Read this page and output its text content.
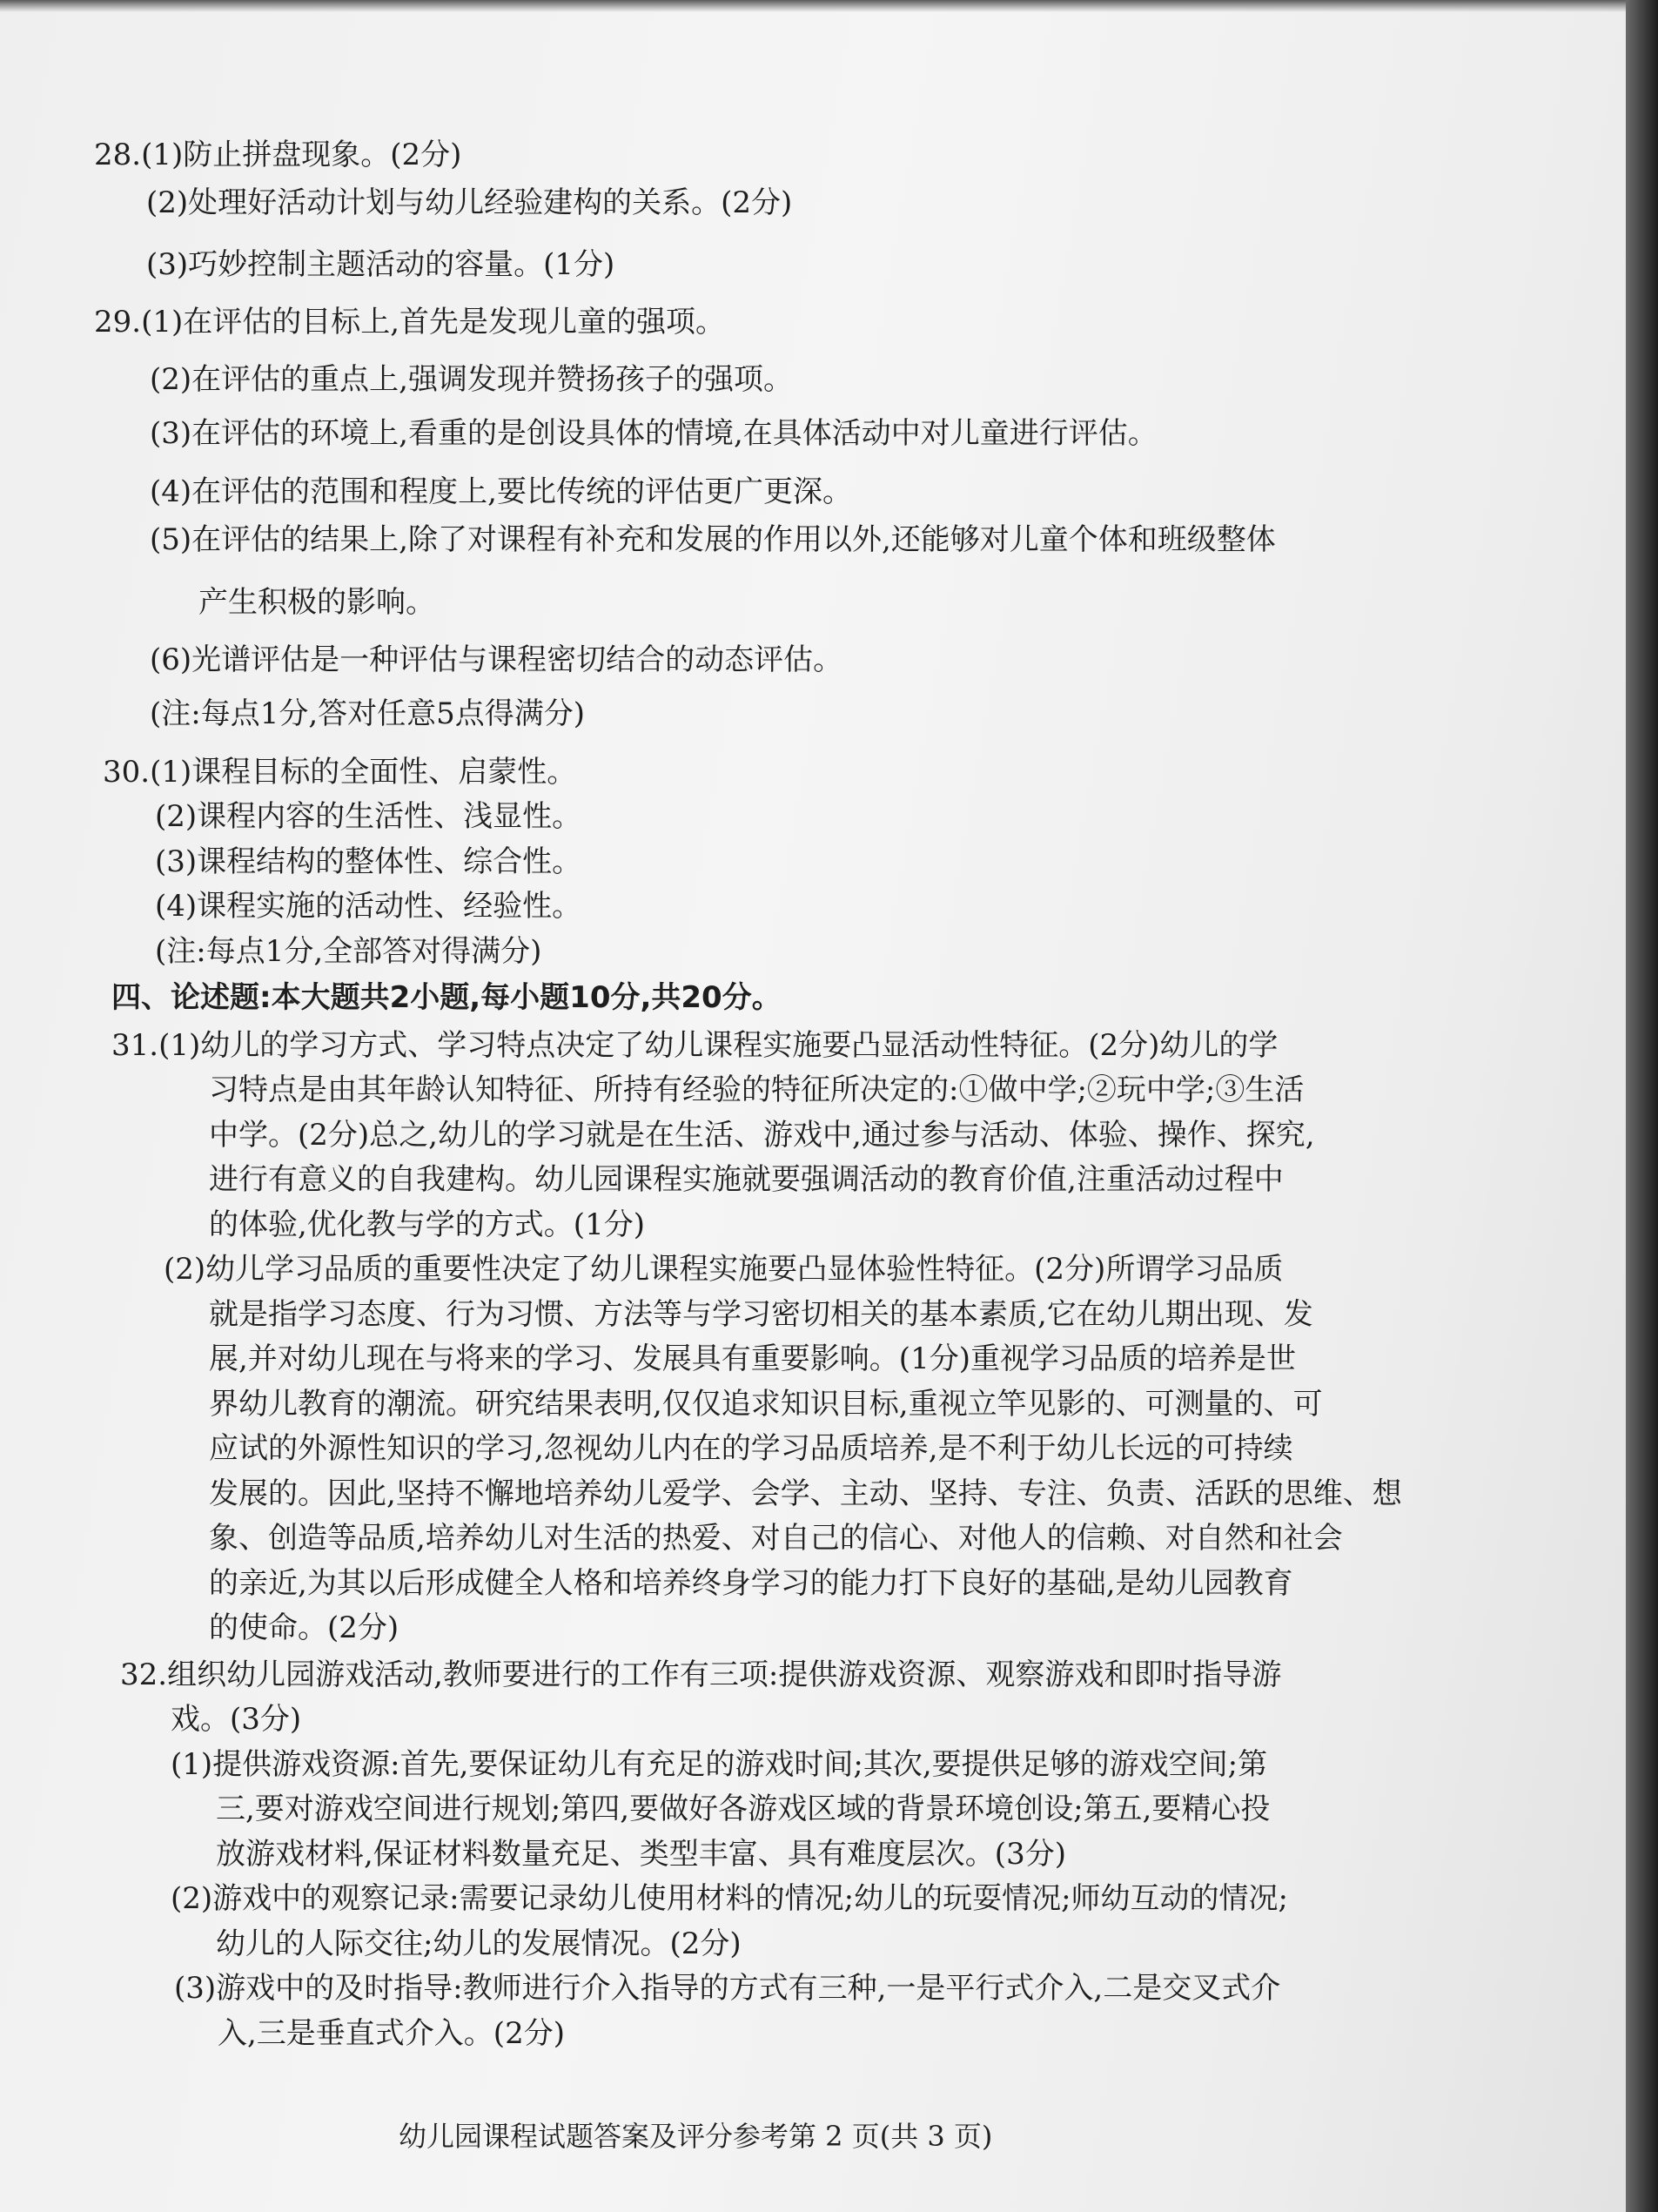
28.(1)防止拼盘现象。(2分)

(2)处理好活动计划与幼儿经验建构的关系。(2分)

(3)巧妙控制主题活动的容量。(1分)

29.(1)在评估的目标上,首先是发现儿童的强项。

(2)在评估的重点上,强调发现并赞扬孩子的强项。

(3)在评估的环境上,看重的是创设具体的情境,在具体活动中对儿童进行评估。

(4)在评估的范围和程度上,要比传统的评估更广更深。

(5)在评估的结果上,除了对课程有补充和发展的作用以外,还能够对儿童个体和班级整体

产生积极的影响。

(6)光谱评估是一种评估与课程密切结合的动态评估。

(注:每点1分,答对任意5点得满分)

30.(1)课程目标的全面性、启蒙性。

(2)课程内容的生活性、浅显性。

(3)课程结构的整体性、综合性。

(4)课程实施的活动性、经验性。

(注:每点1分,全部答对得满分)

四、论述题:本大题共2小题,每小题10分,共20分。

31.(1)幼儿的学习方式、学习特点决定了幼儿课程实施要凸显活动性特征。(2分)幼儿的学

习特点是由其年龄认知特征、所持有经验的特征所决定的:①做中学;②玩中学;③生活

中学。(2分)总之,幼儿的学习就是在生活、游戏中,通过参与活动、体验、操作、探究,

进行有意义的自我建构。幼儿园课程实施就要强调活动的教育价值,注重活动过程中

的体验,优化教与学的方式。(1分)

(2)幼儿学习品质的重要性决定了幼儿课程实施要凸显体验性特征。(2分)所谓学习品质

就是指学习态度、行为习惯、方法等与学习密切相关的基本素质,它在幼儿期出现、发

展,并对幼儿现在与将来的学习、发展具有重要影响。(1分)重视学习品质的培养是世

界幼儿教育的潮流。研究结果表明,仅仅追求知识目标,重视立竿见影的、可测量的、可

应试的外源性知识的学习,忽视幼儿内在的学习品质培养,是不利于幼儿长远的可持续

发展的。因此,坚持不懈地培养幼儿爱学、会学、主动、坚持、专注、负责、活跃的思维、想

象、创造等品质,培养幼儿对生活的热爱、对自己的信心、对他人的信赖、对自然和社会

的亲近,为其以后形成健全人格和培养终身学习的能力打下良好的基础,是幼儿园教育

的使命。(2分)

32.组织幼儿园游戏活动,教师要进行的工作有三项:提供游戏资源、观察游戏和即时指导游

戏。(3分)

(1)提供游戏资源:首先,要保证幼儿有充足的游戏时间;其次,要提供足够的游戏空间;第

三,要对游戏空间进行规划;第四,要做好各游戏区域的背景环境创设;第五,要精心投

放游戏材料,保证材料数量充足、类型丰富、具有难度层次。(3分)

(2)游戏中的观察记录:需要记录幼儿使用材料的情况;幼儿的玩耍情况;师幼互动的情况;

幼儿的人际交往;幼儿的发展情况。(2分)

(3)游戏中的及时指导:教师进行介入指导的方式有三种,一是平行式介入,二是交叉式介

入,三是垂直式介入。(2分)

幼儿园课程试题答案及评分参考第 2 页(共 3 页)
